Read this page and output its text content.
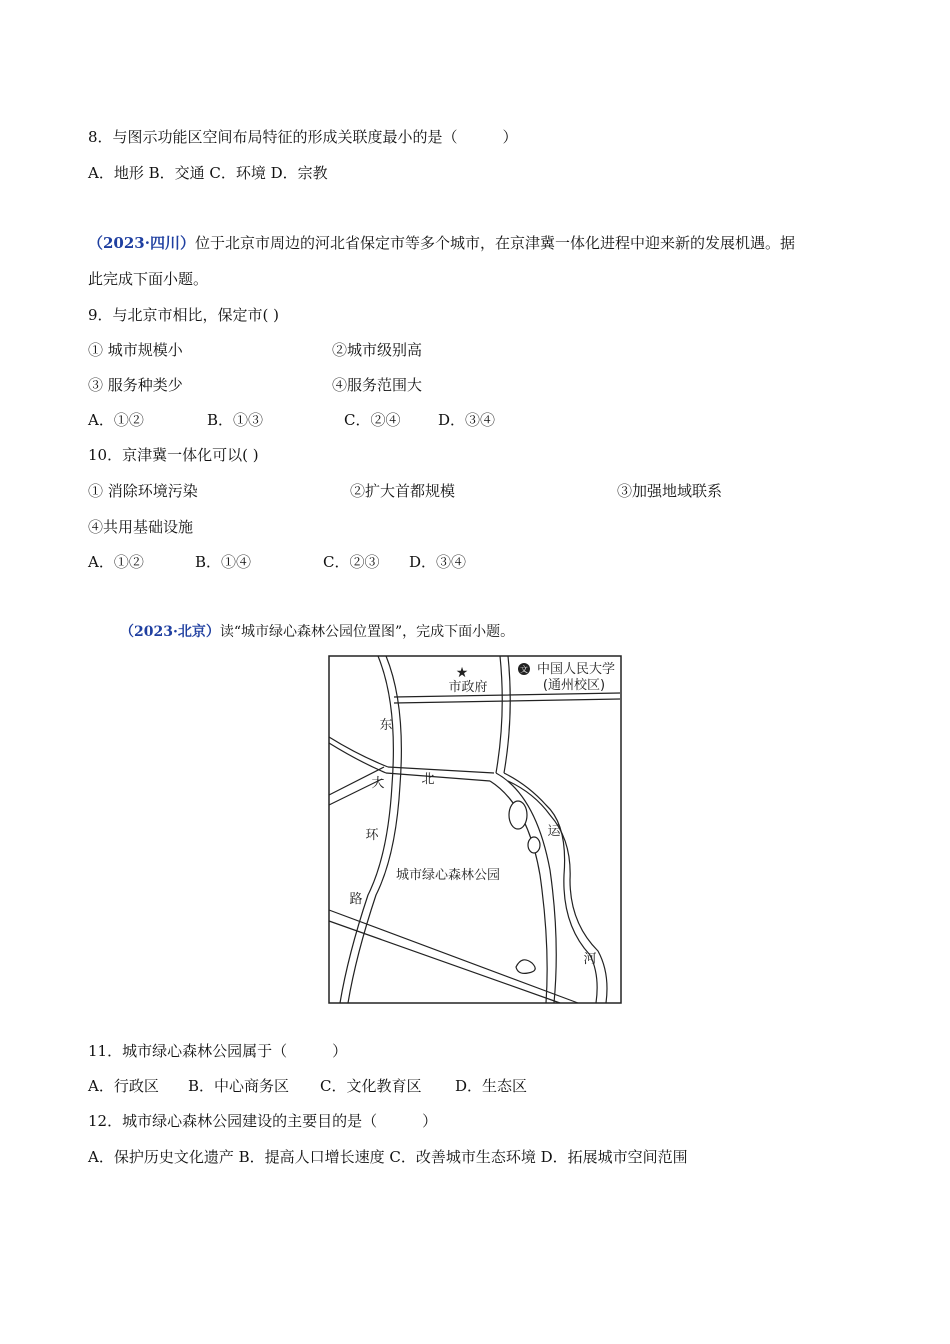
8．与图示功能区空间布局特征的形成关联度最小的是（　　　）
A．地形 B．交通 C．环境 D．宗教
（2023·四川）位于北京市周边的河北省保定市等多个城市，在京津冀一体化进程中迎来新的发展机遇。据
此完成下面小题。
9．与北京市相比，保定市( )
① 城市规模小	②城市级别高
③ 服务种类少	④服务范围大
A．①②	B．①③	C．②④	D．③④
10．京津冀一体化可以( )
① 消除环境污染	②扩大首都规模	③加强地域联系
④共用基础设施
A．①②	B．①④	C．②③ D．③④
（2023·北京）读“城市绿心森林公园位置图”，完成下面小题。
★
市政府
文 中国人民大学
(通州校区)
东
大	北
环
路
运
河
城市绿心森林公园
11．城市绿心森林公园属于（　　　）
A．行政区 B．中心商务区 C．文化教育区 D．生态区
12．城市绿心森林公园建设的主要目的是（　　　）
A．保护历史文化遗产 B．提高人口增长速度 C．改善城市生态环境 D．拓展城市空间范围
